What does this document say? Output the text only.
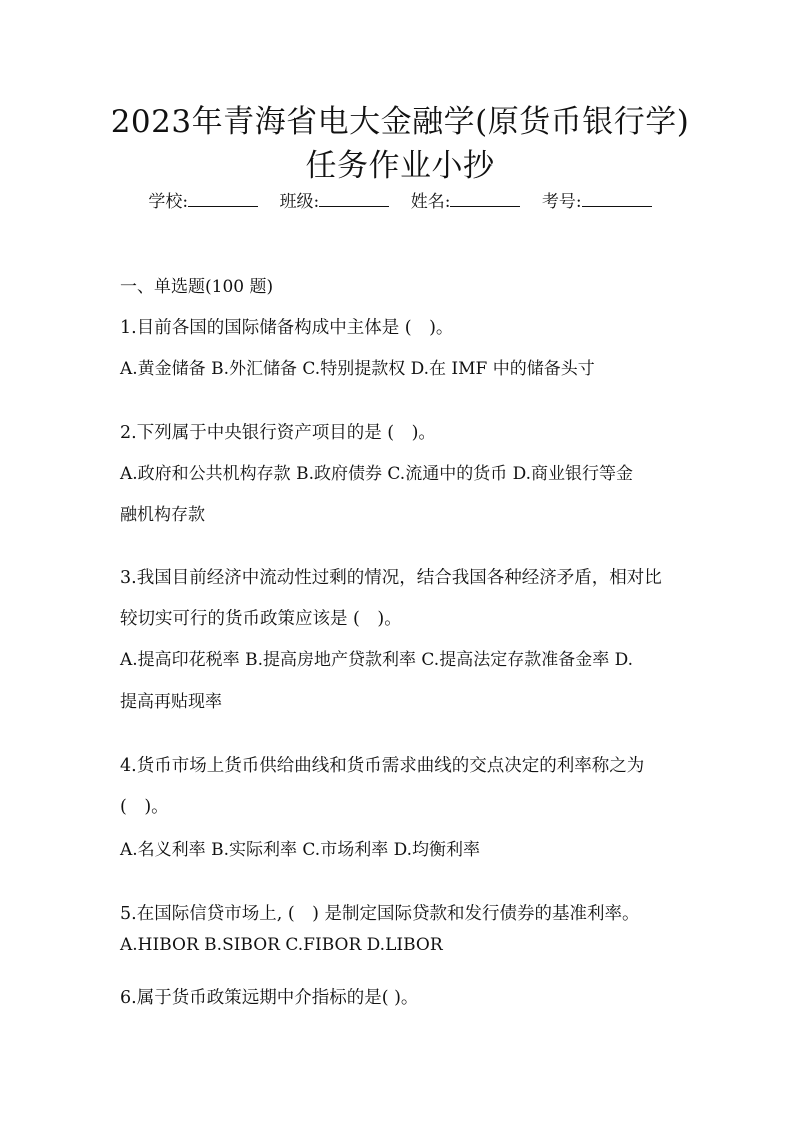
2023年青海省电大金融学(原货币银行学)
任务作业小抄
学校:	班级:	姓名:	考号:
一、单选题(100 题)
1.目前各国的国际储备构成中主体是 (　)。
A.黄金储备 B.外汇储备 C.特别提款权 D.在 IMF 中的储备头寸
2.下列属于中央银行资产项目的是 (　)。
A.政府和公共机构存款 B.政府债券 C.流通中的货币 D.商业银行等金
融机构存款
3.我国目前经济中流动性过剩的情况，结合我国各种经济矛盾，相对比
较切实可行的货币政策应该是 (　)。
A.提高印花税率 B.提高房地产贷款利率 C.提高法定存款准备金率 D.
提高再贴现率
4.货币市场上货币供给曲线和货币需求曲线的交点决定的利率称之为
(　)。
A.名义利率 B.实际利率 C.市场利率 D.均衡利率
5.在国际信贷市场上, (　) 是制定国际贷款和发行债券的基准利率。
A.HIBOR B.SIBOR C.FIBOR D.LIBOR
6.属于货币政策远期中介指标的是( )。
